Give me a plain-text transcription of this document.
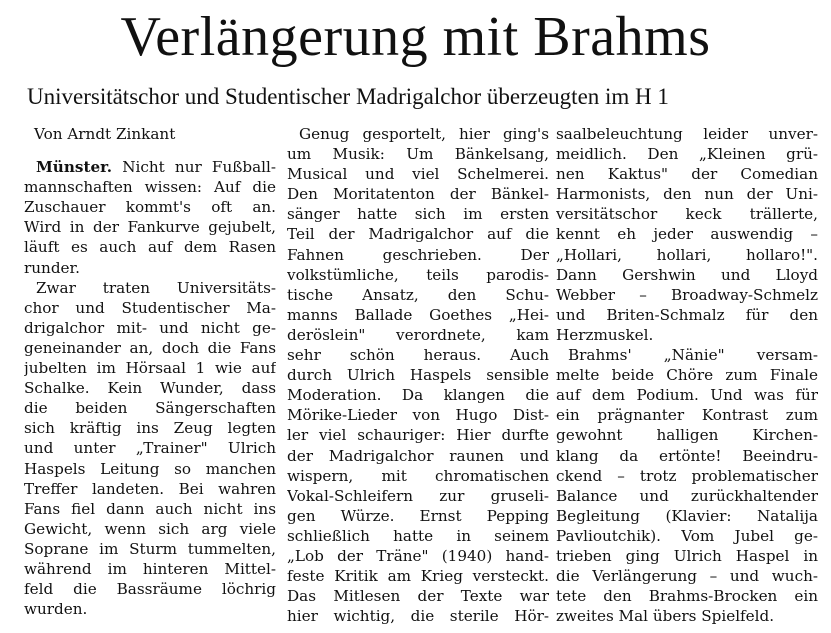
Verlängerung mit Brahms
Universitätschor und Studentischer Madrigalchor überzeugten im H 1
Von Arndt Zinkant
Münster. Nicht nur Fußball-
mannschaften wissen: Auf die
Zuschauer kommt's oft an.
Wird in der Fankurve gejubelt,
läuft es auch auf dem Rasen
runder.
Zwar traten Universitäts-
chor und Studentischer Ma-
drigalchor mit- und nicht ge-
geneinander an, doch die Fans
jubelten im Hörsaal 1 wie auf
Schalke. Kein Wunder, dass
die beiden Sängerschaften
sich kräftig ins Zeug legten
und unter „Trainer" Ulrich
Haspels Leitung so manchen
Treffer landeten. Bei wahren
Fans fiel dann auch nicht ins
Gewicht, wenn sich arg viele
Soprane im Sturm tummelten,
während im hinteren Mittel-
feld die Bassräume löchrig
wurden.
Genug gesportelt, hier ging's
um Musik: Um Bänkelsang,
Musical und viel Schelmerei.
Den Moritatenton der Bänkel-
sänger hatte sich im ersten
Teil der Madrigalchor auf die
Fahnen geschrieben. Der
volkstümliche, teils parodis-
tische Ansatz, den Schu-
manns Ballade Goethes „Hei-
deröslein" verordnete, kam
sehr schön heraus. Auch
durch Ulrich Haspels sensible
Moderation. Da klangen die
Mörike-Lieder von Hugo Dist-
ler viel schauriger: Hier durfte
der Madrigalchor raunen und
wispern, mit chromatischen
Vokal-Schleifern zur gruseli-
gen Würze. Ernst Pepping
schließlich hatte in seinem
„Lob der Träne" (1940) hand-
feste Kritik am Krieg versteckt.
Das Mitlesen der Texte war
hier wichtig, die sterile Hör-
saalbeleuchtung leider unver-
meidlich. Den „Kleinen grü-
nen Kaktus" der Comedian
Harmonists, den nun der Uni-
versitätschor keck trällerte,
kennt eh jeder auswendig –
„Hollari, hollari, hollaro!".
Dann Gershwin und Lloyd
Webber – Broadway-Schmelz
und Briten-Schmalz für den
Herzmuskel.
Brahms' „Nänie" versam-
melte beide Chöre zum Finale
auf dem Podium. Und was für
ein prägnanter Kontrast zum
gewohnt halligen Kirchen-
klang da ertönte! Beeindru-
ckend – trotz problematischer
Balance und zurückhaltender
Begleitung (Klavier: Natalija
Pavlioutchik). Vom Jubel ge-
trieben ging Ulrich Haspel in
die Verlängerung – und wuch-
tete den Brahms-Brocken ein
zweites Mal übers Spielfeld.
